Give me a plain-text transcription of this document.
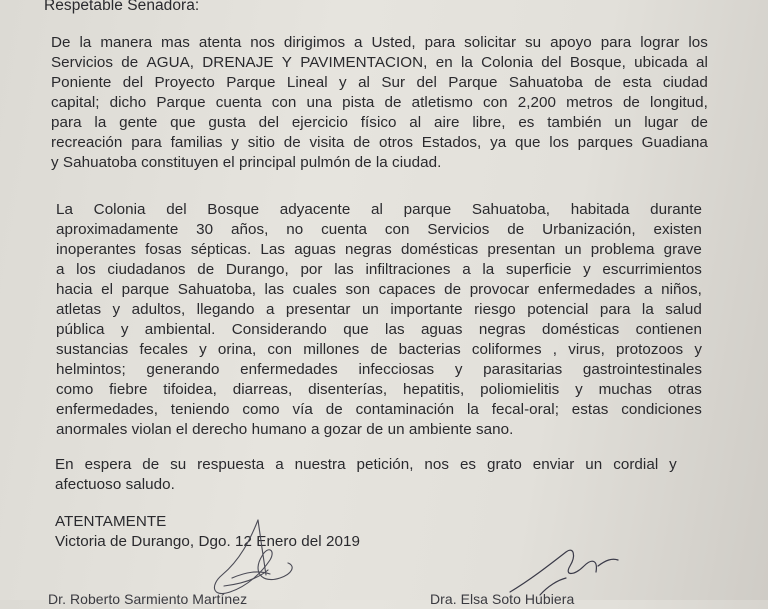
Respetable Senadora:
De la manera mas atenta nos dirigimos a Usted, para solicitar su apoyo para lograr los
Servicios de AGUA, DRENAJE Y PAVIMENTACION, en la Colonia del Bosque, ubicada al
Poniente del Proyecto Parque Lineal y al Sur del Parque Sahuatoba de esta ciudad
capital; dicho Parque cuenta con una pista de atletismo con 2,200 metros de longitud,
para la gente que gusta del ejercicio físico al aire libre, es también un lugar de
recreación para familias y sitio de visita de otros Estados, ya que los parques Guadiana
y Sahuatoba constituyen el principal pulmón de la ciudad.
La Colonia del Bosque adyacente al parque Sahuatoba, habitada durante
aproximadamente 30 años, no cuenta con Servicios de Urbanización, existen
inoperantes fosas sépticas. Las aguas negras domésticas presentan un problema grave
a los ciudadanos de Durango, por las infiltraciones a la superficie y escurrimientos
hacia el parque Sahuatoba, las cuales son capaces de provocar enfermedades a niños,
atletas y adultos, llegando a presentar un importante riesgo potencial para la salud
pública y ambiental. Considerando que las aguas negras domésticas contienen
sustancias fecales y orina, con millones de bacterias coliformes , virus, protozoos y
helmintos; generando enfermedades infecciosas y parasitarias gastrointestinales
como fiebre tifoidea, diarreas, disenterías, hepatitis, poliomielitis y muchas otras
enfermedades, teniendo como vía de contaminación la fecal-oral; estas condiciones
anormales violan el derecho humano a gozar de un ambiente sano.
En espera de su respuesta a nuestra petición, nos es grato enviar un cordial y
afectuoso saludo.
ATENTAMENTE
Victoria de Durango, Dgo. 12 Enero del 2019
Dr. Roberto Sarmiento Martínez	Dra. Elsa Soto Hubiera
